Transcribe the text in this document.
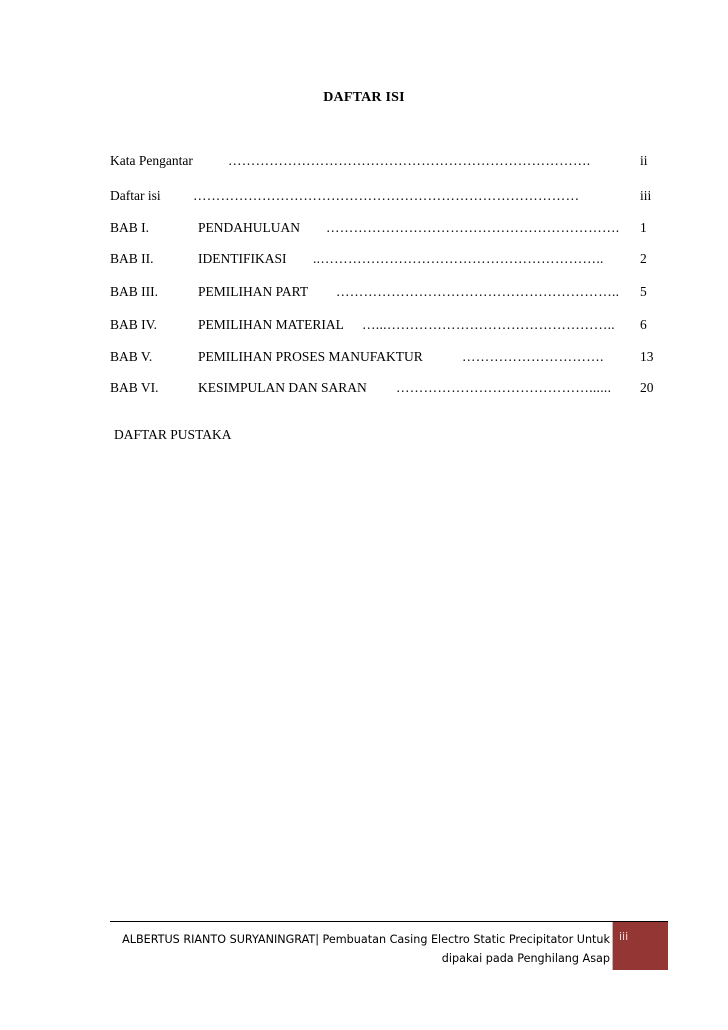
DAFTAR ISI
Kata Pengantar	…………………………………………………………………….	ii
Daftar isi …………………………………………………………………………	iii
BAB I.	PENDAHULUAN ……………………………………………………….	1
BAB II.	IDENTIFIKASI ..……………………………………………………..	2
BAB III.	PEMILIHAN PART ……………………………………………………..	5
BAB IV.	PEMILIHAN MATERIAL …...………………………………………….. 6
BAB V.	PEMILIHAN PROSES MANUFAKTUR	………………………….	13
BAB VI.	KESIMPULAN DAN SARAN ……………………………………......	20
DAFTAR PUSTAKA
ALBERTUS RIANTO SURYANINGRAT| Pembuatan Casing Electro Static Precipitator Untuk
dipakai pada Penghilang Asap
iii
